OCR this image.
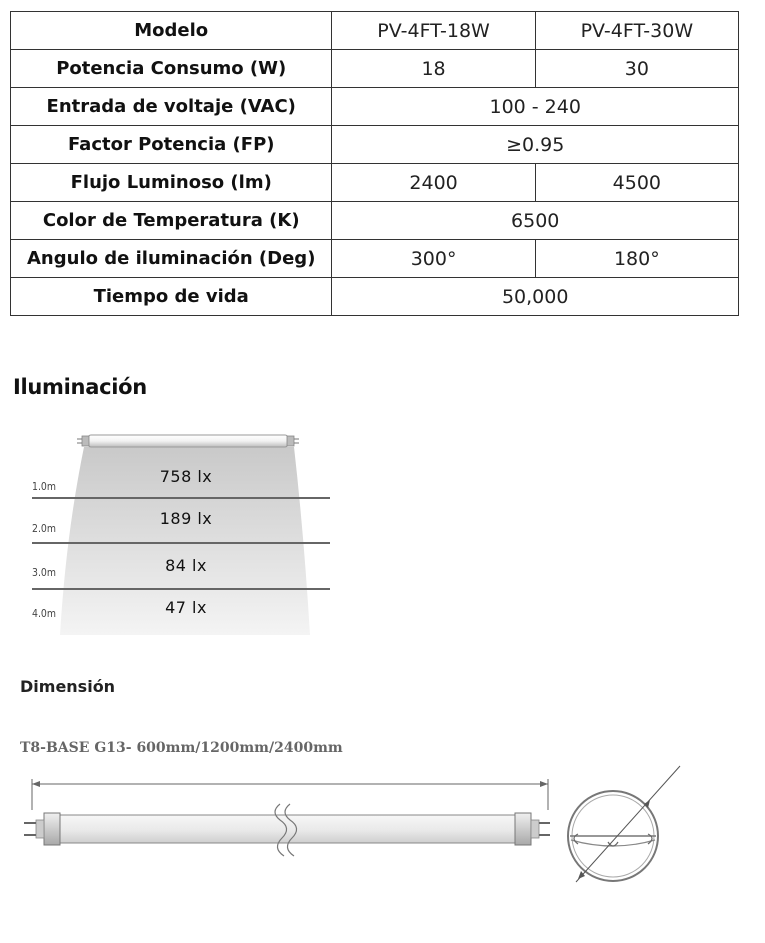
Modelo	PV-4FT-18W	PV-4FT-30W
Potencia Consumo (W)	18	30
Entrada de voltaje (VAC)	100 - 240	
Factor Potencia (FP)	≥0.95	
Flujo Luminoso (lm)	2400	4500
Color de Temperatura (K)	6500	
Angulo de iluminación (Deg)	300°	180°
Tiempo de vida	50,000	
Iluminación
1.0m
2.0m
3.0m
4.0m
758 lx
189 lx
84 lx
47 lx
Dimensión
T8-BASE G13- 600mm/1200mm/2400mm
